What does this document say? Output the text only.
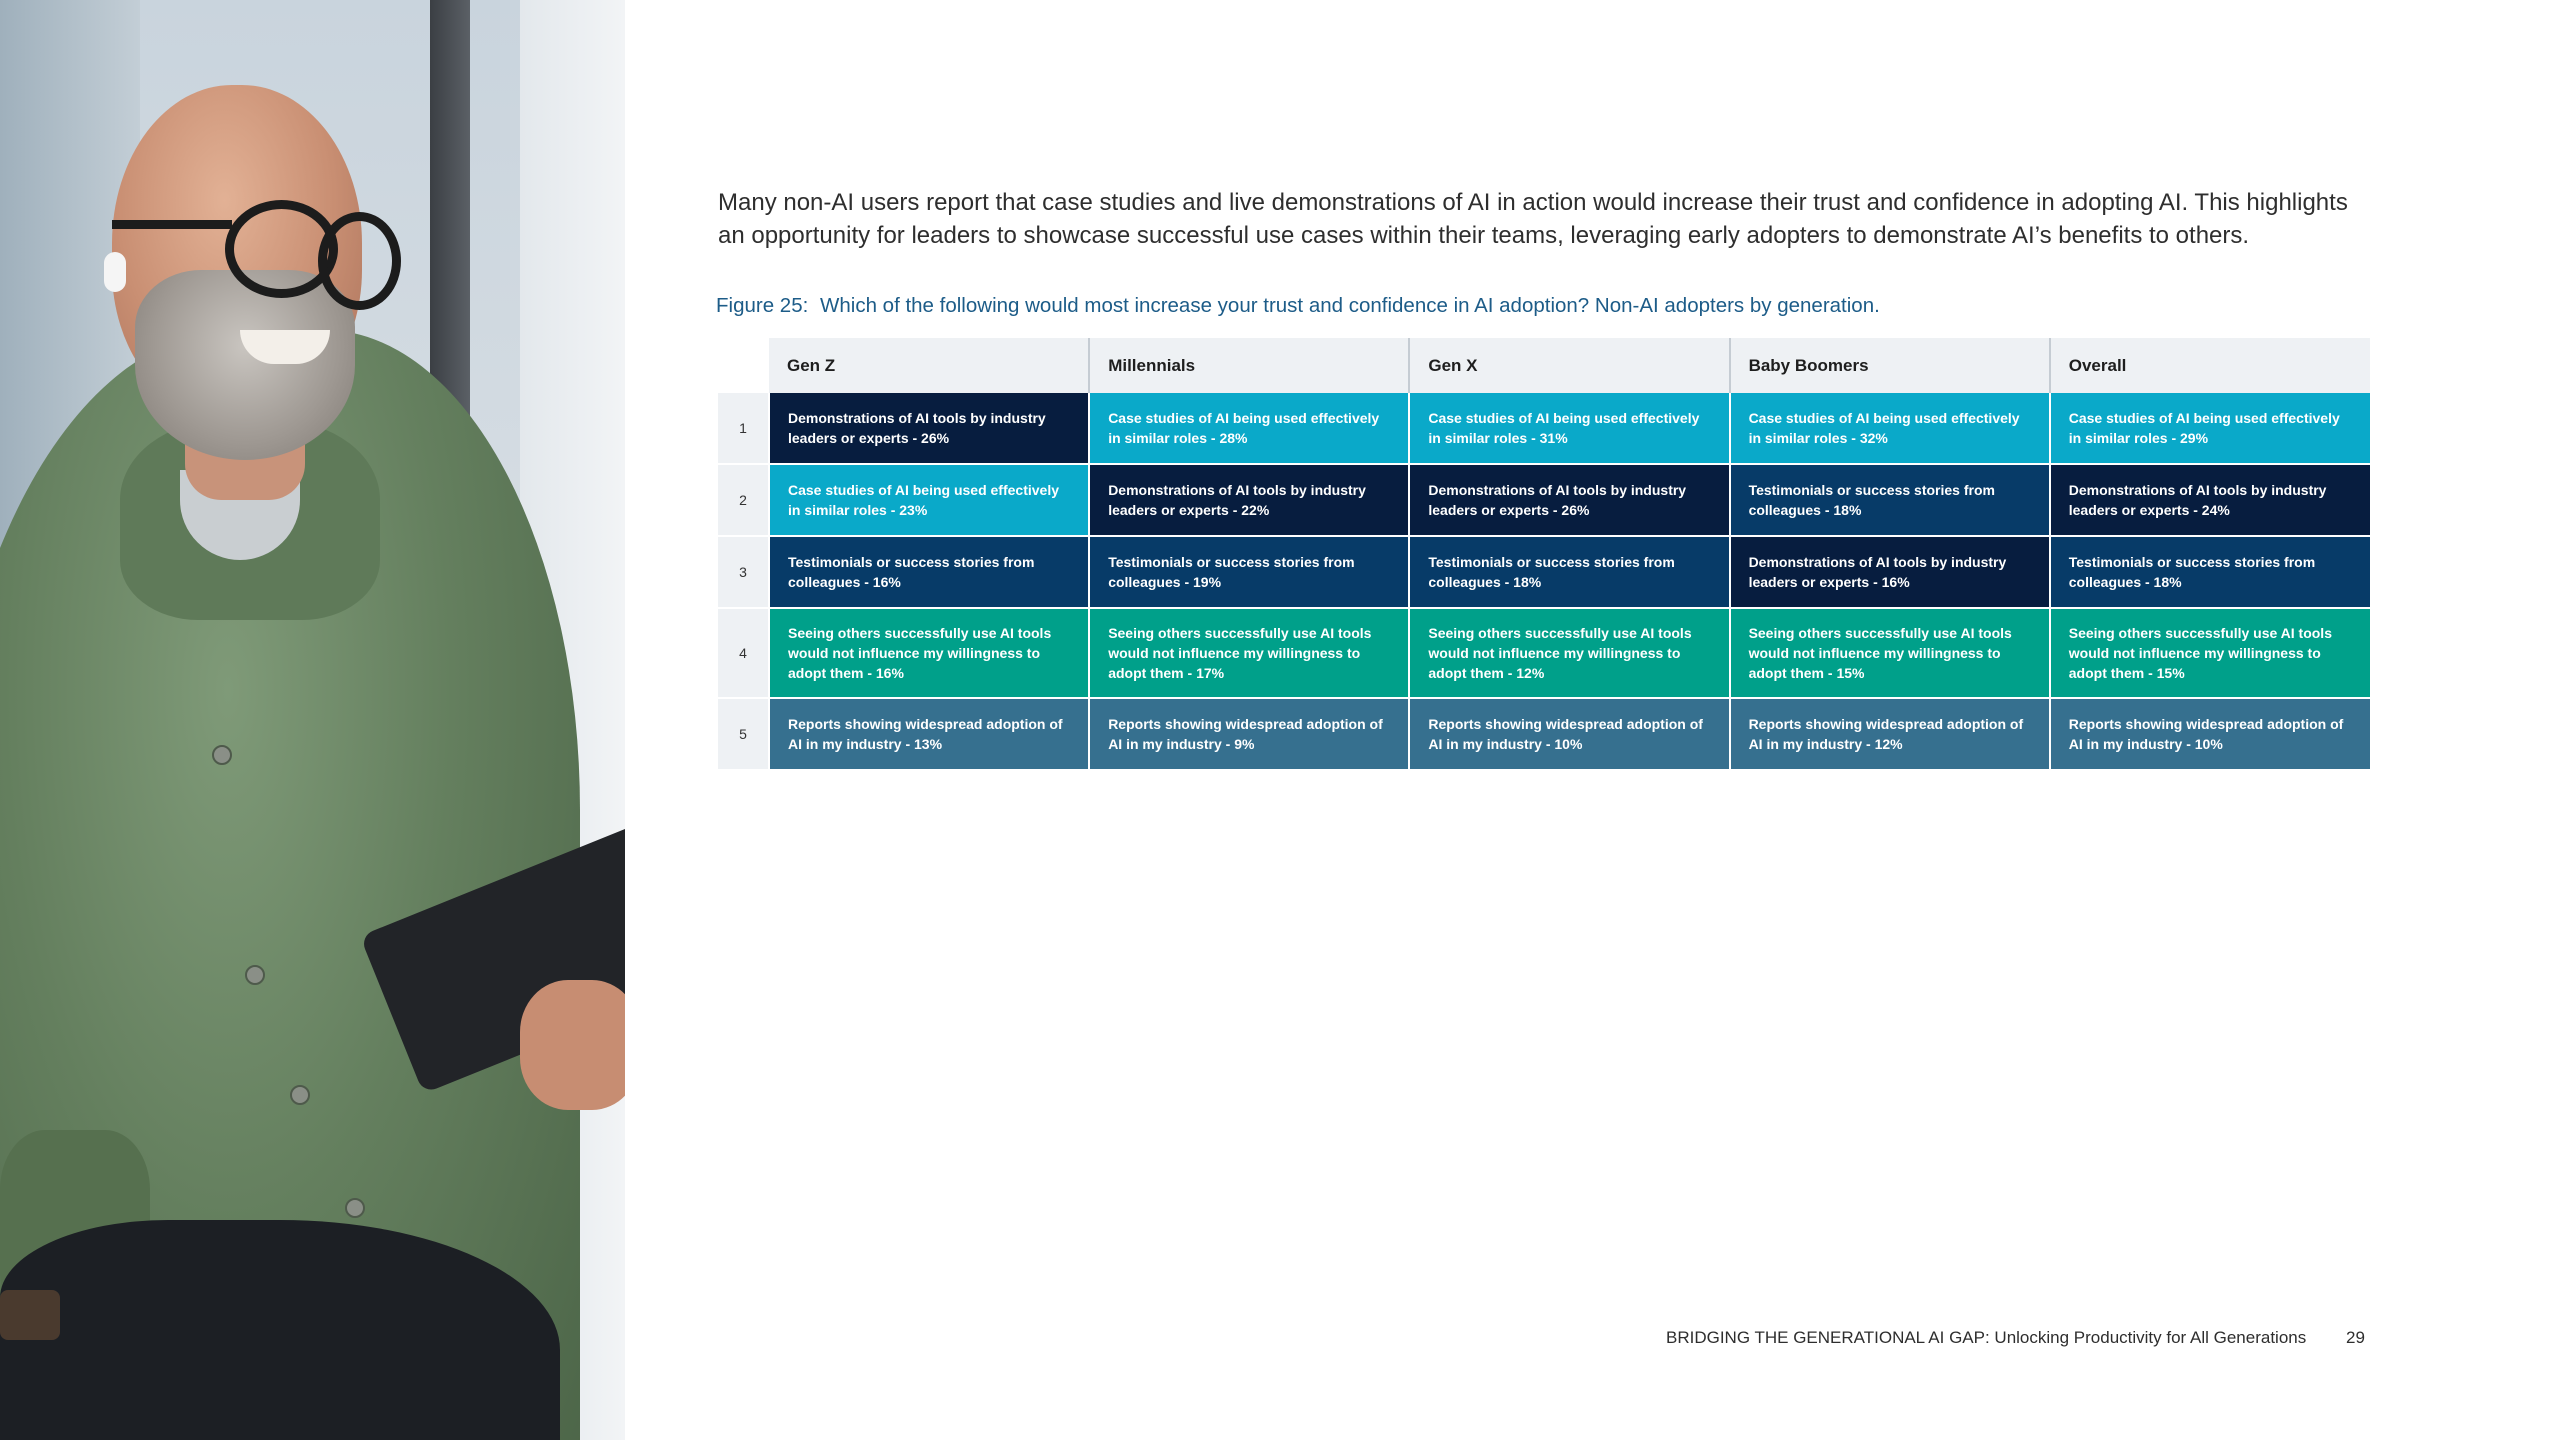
Many non-AI users report that case studies and live demonstrations of AI in action would increase their trust and confidence in adopting AI. This highlights an opportunity for leaders to showcase successful use cases within their teams, leveraging early adopters to demonstrate AI’s benefits to others.

Figure 25: Which of the following would most increase your trust and confidence in AI adoption? Non-AI adopters by generation.

	Gen Z	Millennials	Gen X	Baby Boomers	Overall
1	Demonstrations of AI tools by industry leaders or experts - 26%	Case studies of AI being used effectively in similar roles - 28%	Case studies of AI being used effectively in similar roles - 31%	Case studies of AI being used effectively in similar roles - 32%	Case studies of AI being used effectively in similar roles - 29%
2	Case studies of AI being used effectively in similar roles - 23%	Demonstrations of AI tools by industry leaders or experts - 22%	Demonstrations of AI tools by industry leaders or experts - 26%	Testimonials or success stories from colleagues - 18%	Demonstrations of AI tools by industry leaders or experts - 24%
3	Testimonials or success stories from colleagues - 16%	Testimonials or success stories from colleagues - 19%	Testimonials or success stories from colleagues - 18%	Demonstrations of AI tools by industry leaders or experts - 16%	Testimonials or success stories from colleagues - 18%
4	Seeing others successfully use AI tools would not influence my willingness to adopt them - 16%	Seeing others successfully use AI tools would not influence my willingness to adopt them - 17%	Seeing others successfully use AI tools would not influence my willingness to adopt them - 12%	Seeing others successfully use AI tools would not influence my willingness to adopt them - 15%	Seeing others successfully use AI tools would not influence my willingness to adopt them - 15%
5	Reports showing widespread adoption of AI in my industry - 13%	Reports showing widespread adoption of AI in my industry - 9%	Reports showing widespread adoption of AI in my industry - 10%	Reports showing widespread adoption of AI in my industry - 12%	Reports showing widespread adoption of AI in my industry - 10%
BRIDGING THE GENERATIONAL AI GAP: Unlocking Productivity for All Generations 29
